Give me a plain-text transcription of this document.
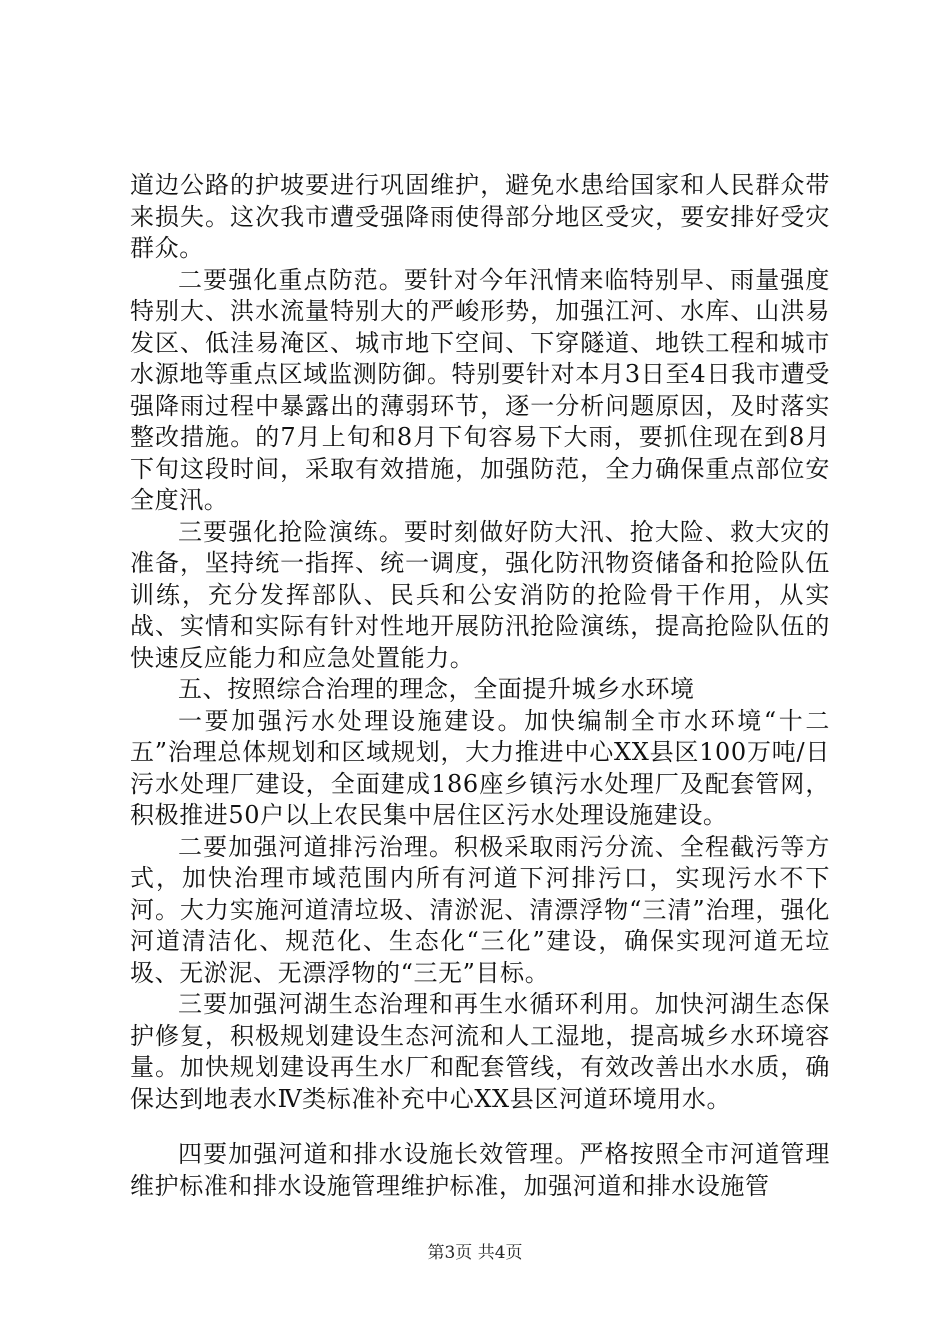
道边公路的护坡要进行巩固维护，避免水患给国家和人民群众带来损失。这次我市遭受强降雨使得部分地区受灾，要安排好受灾群众。

二要强化重点防范。要针对今年汛情来临特别早、雨量强度特别大、洪水流量特别大的严峻形势，加强江河、水库、山洪易发区、低洼易淹区、城市地下空间、下穿隧道、地铁工程和城市水源地等重点区域监测防御。特别要针对本月3日至4日我市遭受强降雨过程中暴露出的薄弱环节，逐一分析问题原因，及时落实整改措施。的7月上旬和8月下旬容易下大雨，要抓住现在到8月下旬这段时间，采取有效措施，加强防范，全力确保重点部位安全度汛。

三要强化抢险演练。要时刻做好防大汛、抢大险、救大灾的准备，坚持统一指挥、统一调度，强化防汛物资储备和抢险队伍训练，充分发挥部队、民兵和公安消防的抢险骨干作用，从实战、实情和实际有针对性地开展防汛抢险演练，提高抢险队伍的快速反应能力和应急处置能力。

五、按照综合治理的理念，全面提升城乡水环境

一要加强污水处理设施建设。加快编制全市水环境“十二五”治理总体规划和区域规划，大力推进中心XX县区100万吨/日污水处理厂建设，全面建成186座乡镇污水处理厂及配套管网，积极推进50户以上农民集中居住区污水处理设施建设。

二要加强河道排污治理。积极采取雨污分流、全程截污等方式，加快治理市域范围内所有河道下河排污口，实现污水不下河。大力实施河道清垃圾、清淤泥、清漂浮物“三清”治理，强化河道清洁化、规范化、生态化“三化”建设，确保实现河道无垃圾、无淤泥、无漂浮物的“三无”目标。

三要加强河湖生态治理和再生水循环利用。加快河湖生态保护修复，积极规划建设生态河流和人工湿地，提高城乡水环境容量。加快规划建设再生水厂和配套管线，有效改善出水水质，确保达到地表水Ⅳ类标准补充中心XX县区河道环境用水。

四要加强河道和排水设施长效管理。严格按照全市河道管理维护标准和排水设施管理维护标准，加强河道和排水设施管

第3页 共4页
